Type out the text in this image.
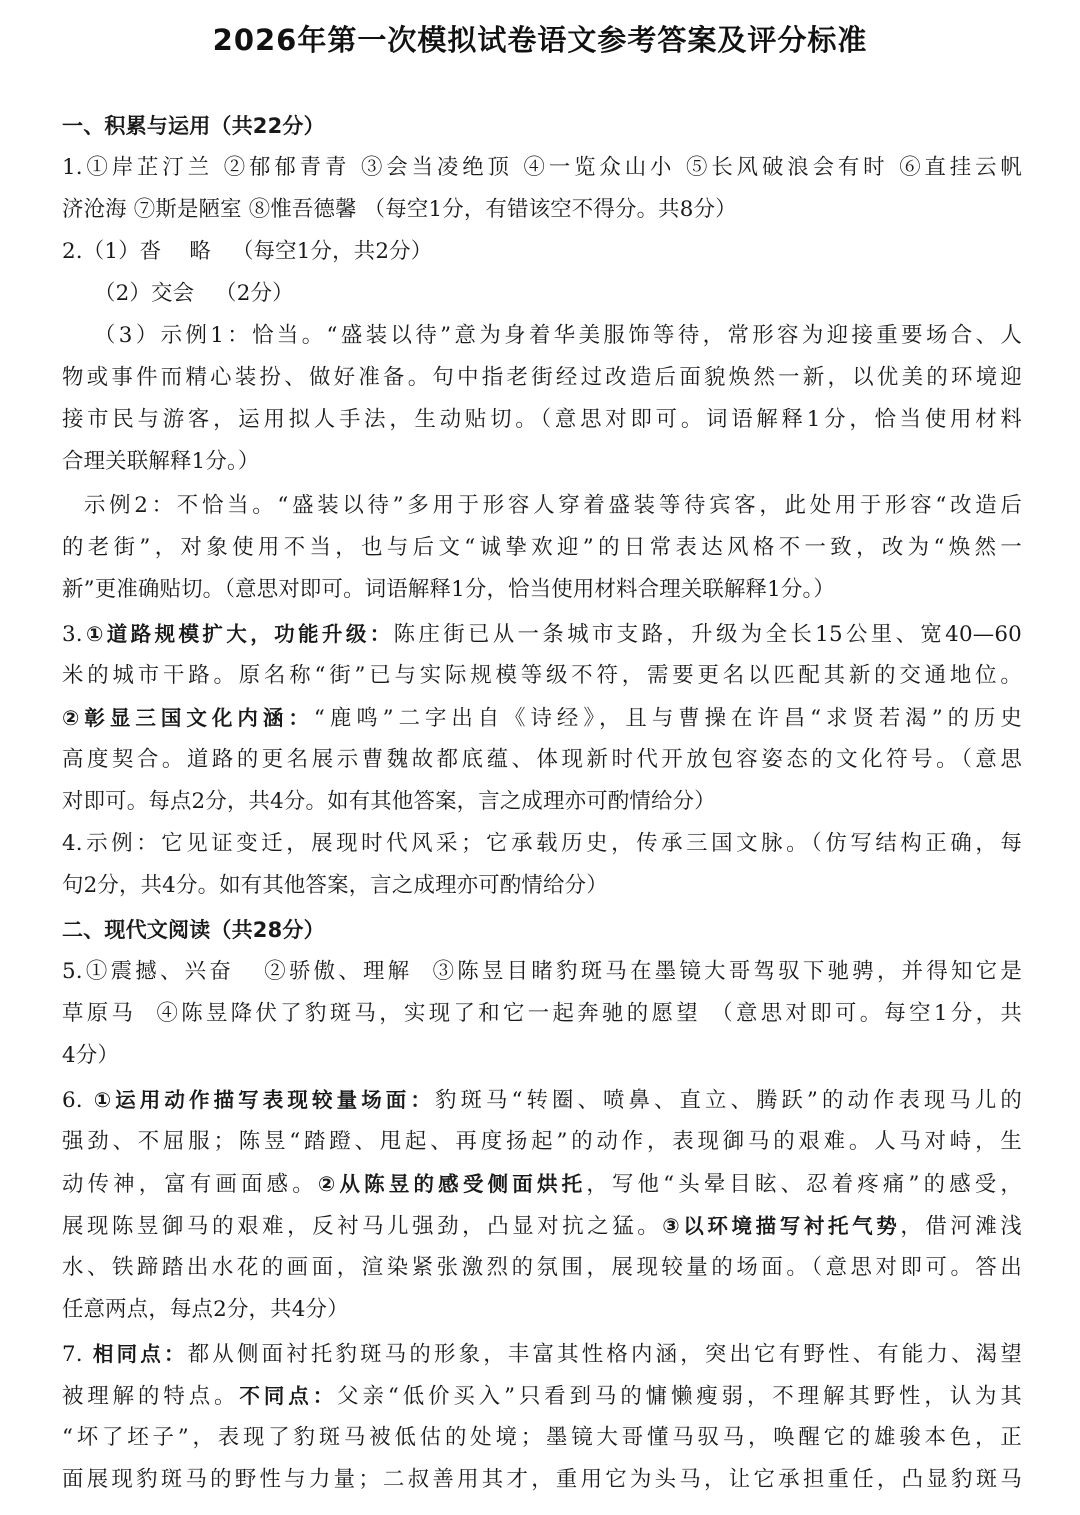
2026年第一次模拟试卷语文参考答案及评分标准
一、积累与运用（共22分）
1.①岸芷汀兰 ②郁郁青青 ③会当凌绝顶 ④一览众山小 ⑤长风破浪会有时 ⑥直挂云帆
济沧海 ⑦斯是陋室 ⑧惟吾德馨 （每空1分，有错该空不得分。共8分）
2.（1）沓    略   （每空1分，共2分）
（2）交会   （2分）
（3）示例1：恰当。“盛装以待”意为身着华美服饰等待，常形容为迎接重要场合、人
物或事件而精心装扮、做好准备。句中指老街经过改造后面貌焕然一新，以优美的环境迎
接市民与游客，运用拟人手法，生动贴切。（意思对即可。词语解释1分，恰当使用材料
合理关联解释1分。）
示例2：不恰当。“盛装以待”多用于形容人穿着盛装等待宾客，此处用于形容“改造后
的老街”，对象使用不当，也与后文“诚挚欢迎”的日常表达风格不一致，改为“焕然一
新”更准确贴切。（意思对即可。词语解释1分，恰当使用材料合理关联解释1分。）
3.①道路规模扩大，功能升级：陈庄街已从一条城市支路，升级为全长15公里、宽40—60
米的城市干路。原名称“街”已与实际规模等级不符，需要更名以匹配其新的交通地位。
②彰显三国文化内涵：“鹿鸣”二字出自《诗经》，且与曹操在许昌“求贤若渴”的历史
高度契合。道路的更名展示曹魏故都底蕴、体现新时代开放包容姿态的文化符号。（意思
对即可。每点2分，共4分。如有其他答案，言之成理亦可酌情给分）
4.示例：它见证变迁，展现时代风采；它承载历史，传承三国文脉。（仿写结构正确，每
句2分，共4分。如有其他答案，言之成理亦可酌情给分）
二、现代文阅读（共28分）
5.①震撼、兴奋   ②骄傲、理解  ③陈昱目睹豹斑马在墨镜大哥驾驭下驰骋，并得知它是
草原马  ④陈昱降伏了豹斑马，实现了和它一起奔驰的愿望 （意思对即可。每空1分，共
4分）
6. ①运用动作描写表现较量场面：豹斑马“转圈、喷鼻、直立、腾跃”的动作表现马儿的
强劲、不屈服；陈昱“踏蹬、甩起、再度扬起”的动作，表现御马的艰难。人马对峙，生
动传神，富有画面感。②从陈昱的感受侧面烘托，写他“头晕目眩、忍着疼痛”的感受，
展现陈昱御马的艰难，反衬马儿强劲，凸显对抗之猛。③以环境描写衬托气势，借河滩浅
水、铁蹄踏出水花的画面，渲染紧张激烈的氛围，展现较量的场面。（意思对即可。答出
任意两点，每点2分，共4分）
7. 相同点：都从侧面衬托豹斑马的形象，丰富其性格内涵，突出它有野性、有能力、渴望
被理解的特点。不同点：父亲“低价买入”只看到马的慵懒瘦弱，不理解其野性，认为其
“坏了坯子”，表现了豹斑马被低估的处境；墨镜大哥懂马驭马，唤醒它的雄骏本色，正
面展现豹斑马的野性与力量；二叔善用其才，重用它为头马，让它承担重任，凸显豹斑马
